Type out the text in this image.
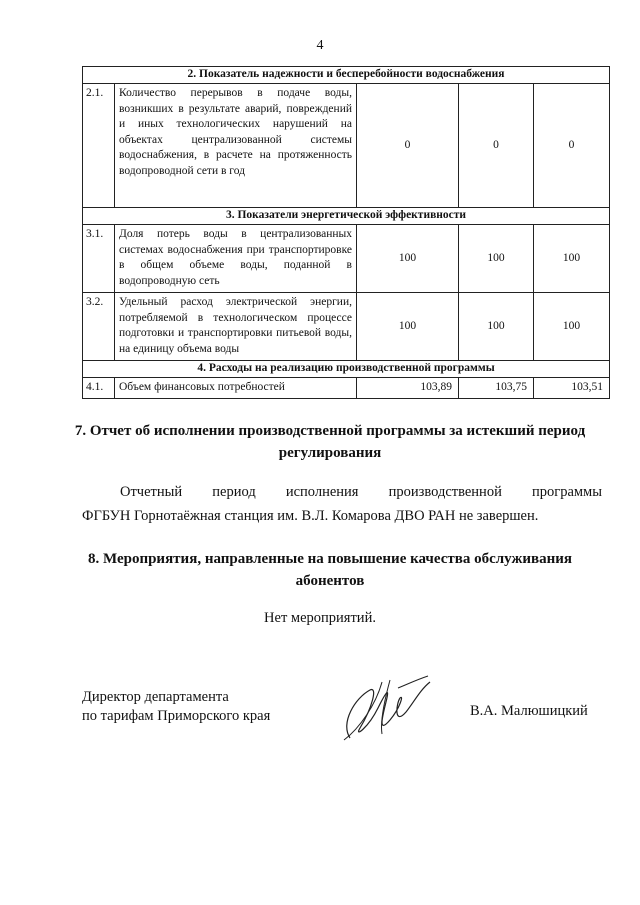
4
2. Показатель надежности и бесперебойности водоснабжения				
2.1.	Количество перерывов в подаче воды, возникших в результате аварий, повреждений и иных технологических нарушений на объектах централизованной системы водоснабжения, в расчете на протяженность водопроводной сети в год	0	0	0
3. Показатели энергетической эффективности				
3.1.	Доля потерь воды в централизованных системах водоснабжения при транспортировке в общем объеме воды, поданной в водопроводную сеть	100	100	100
3.2.	Удельный расход электрической энергии, потребляемой в технологическом процессе подготовки и транспортировки питьевой воды, на единицу объема воды	100	100	100
4. Расходы на реализацию производственной программы				
4.1.	Объем финансовых потребностей	103,89	103,75	103,51
7. Отчет об исполнении производственной программы за истекший период регулирования
Отчетный период исполнения производственной программы
ФГБУН Горнотаёжная станция им. В.Л. Комарова ДВО РАН не завершен.
8. Мероприятия, направленные на повышение качества обслуживания абонентов
Нет мероприятий.
Директор департамента
по тарифам Приморского края	В.А. Малюшицкий
